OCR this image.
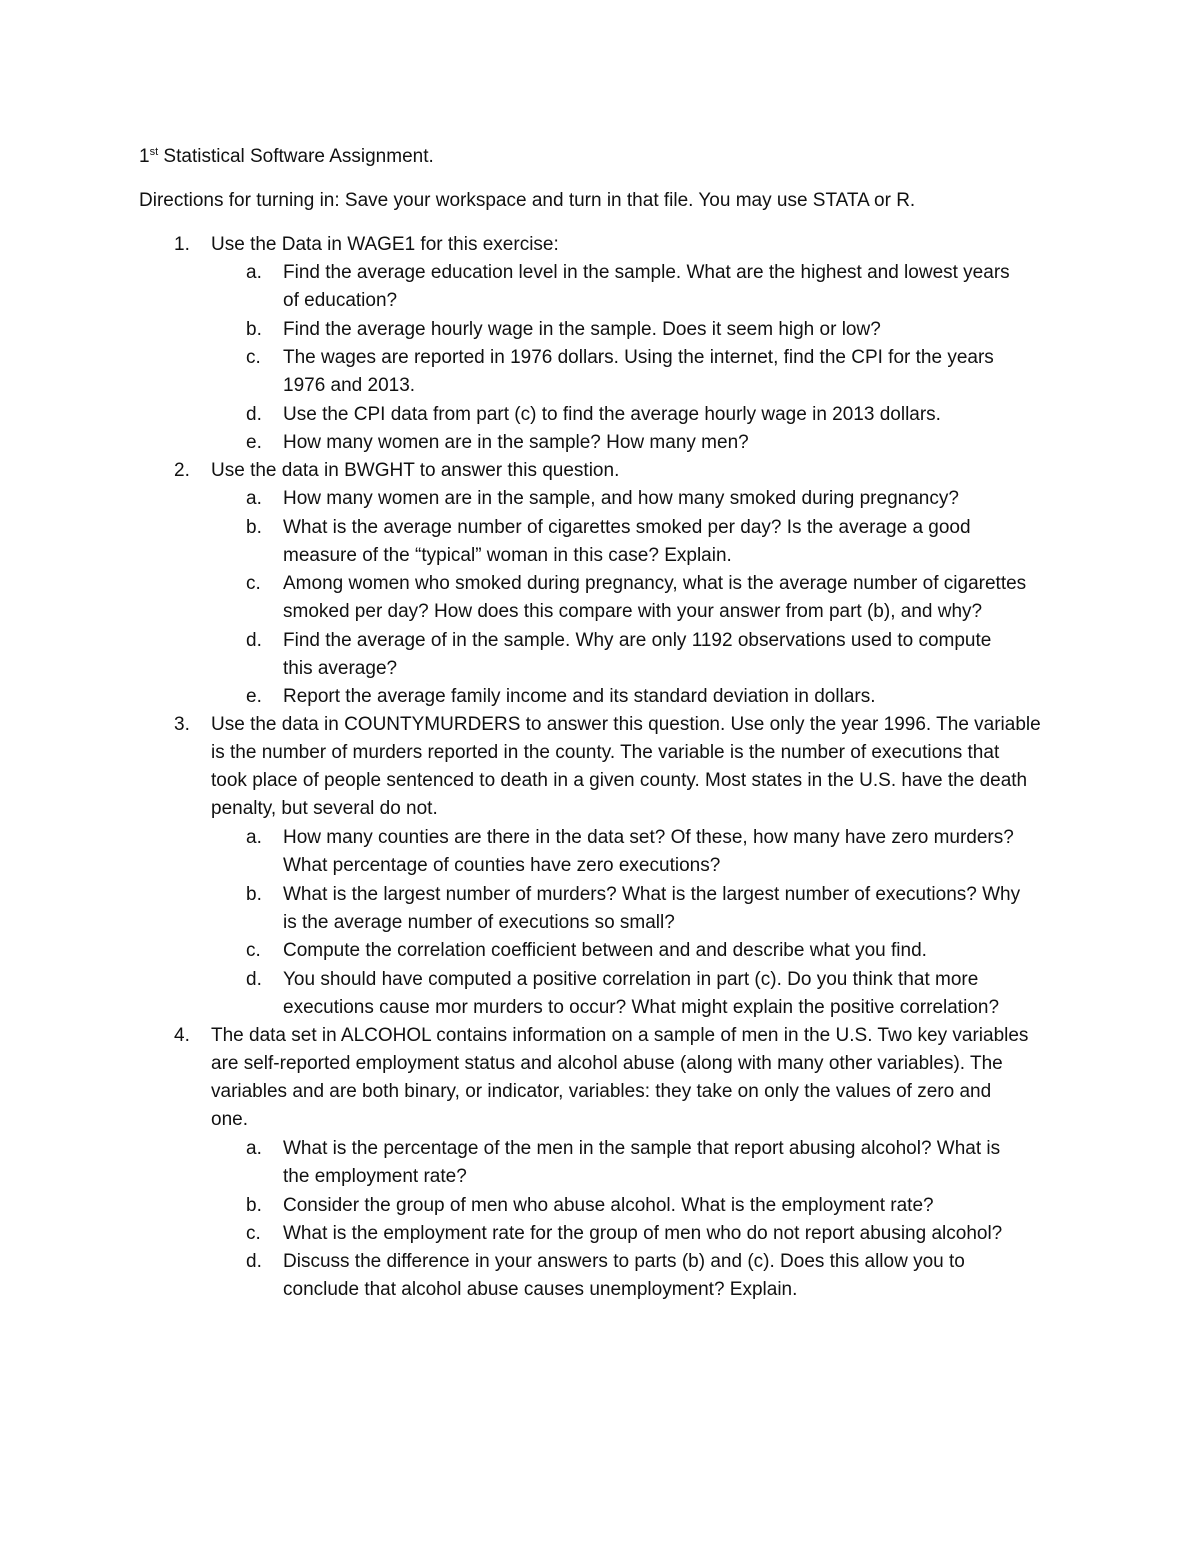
1st Statistical Software Assignment.
Directions for turning in: Save your workspace and turn in that file. You may use STATA or R.
1. Use the Data in WAGE1 for this exercise:
a. Find the average education level in the sample. What are the highest and lowest years
of education?
b. Find the average hourly wage in the sample. Does it seem high or low?
c. The wages are reported in 1976 dollars. Using the internet, find the CPI for the years
1976 and 2013.
d. Use the CPI data from part (c) to find the average hourly wage in 2013 dollars.
e. How many women are in the sample? How many men?
2. Use the data in BWGHT to answer this question.
a. How many women are in the sample, and how many smoked during pregnancy?
b. What is the average number of cigarettes smoked per day? Is the average a good
measure of the “typical” woman in this case? Explain.
c. Among women who smoked during pregnancy, what is the average number of cigarettes
smoked per day? How does this compare with your answer from part (b), and why?
d. Find the average of in the sample. Why are only 1192 observations used to compute
this average?
e. Report the average family income and its standard deviation in dollars.
3. Use the data in COUNTYMURDERS to answer this question. Use only the year 1996. The variable
is the number of murders reported in the county. The variable is the number of executions that
took place of people sentenced to death in a given county. Most states in the U.S. have the death
penalty, but several do not.
a. How many counties are there in the data set? Of these, how many have zero murders?
What percentage of counties have zero executions?
b. What is the largest number of murders? What is the largest number of executions? Why
is the average number of executions so small?
c. Compute the correlation coefficient between and and describe what you find.
d. You should have computed a positive correlation in part (c). Do you think that more
executions cause mor murders to occur? What might explain the positive correlation?
4. The data set in ALCOHOL contains information on a sample of men in the U.S. Two key variables
are self-reported employment status and alcohol abuse (along with many other variables). The
variables and are both binary, or indicator, variables: they take on only the values of zero and
one.
a. What is the percentage of the men in the sample that report abusing alcohol? What is
the employment rate?
b. Consider the group of men who abuse alcohol. What is the employment rate?
c. What is the employment rate for the group of men who do not report abusing alcohol?
d. Discuss the difference in your answers to parts (b) and (c). Does this allow you to
conclude that alcohol abuse causes unemployment? Explain.
